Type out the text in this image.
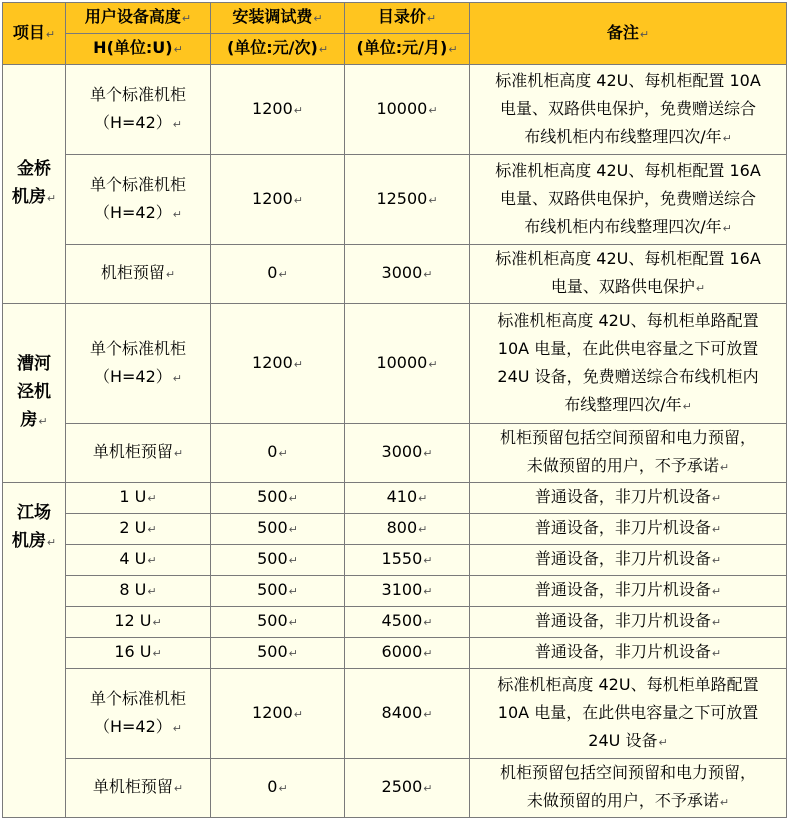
项目↵	用户设备高度↵	安装调试费↵	目录价↵	备注↵
	H(单位:U)↵	(单位:元/次)↵	(单位:元/月)↵	

金桥
机房↵	单个标准机柜
（H=42）↵	1200↵	10000↵	标准机柜高度 42U、每机柜配置 10A
电量、双路供电保护，免费赠送综合
布线机柜内布线整理四次/年↵

	单个标准机柜
（H=42）↵	1200↵	12500↵	标准机柜高度 42U、每机柜配置 16A
电量、双路供电保护，免费赠送综合
布线机柜内布线整理四次/年↵

	机柜预留↵	0↵	3000↵	标准机柜高度 42U、每机柜配置 16A
电量、双路供电保护↵

漕河
泾机
房↵	单个标准机柜
（H=42）↵	1200↵	10000↵	标准机柜高度 42U、每机柜单路配置
10A 电量，在此供电容量之下可放置
24U 设备，免费赠送综合布线机柜内
布线整理四次/年↵

	单机柜预留↵	0↵	3000↵	机柜预留包括空间预留和电力预留，
未做预留的用户，不予承诺↵

江场
机房↵	1 U↵	500↵	410↵	普通设备，非刀片机设备↵
	2 U↵	500↵	800↵	普通设备，非刀片机设备↵
	4 U↵	500↵	1550↵	普通设备，非刀片机设备↵
	8 U↵	500↵	3100↵	普通设备，非刀片机设备↵
	12 U↵	500↵	4500↵	普通设备，非刀片机设备↵
	16 U↵	500↵	6000↵	普通设备，非刀片机设备↵

	单个标准机柜
（H=42）↵	1200↵	8400↵	标准机柜高度 42U、每机柜单路配置
10A 电量，在此供电容量之下可放置
24U 设备↵

	单机柜预留↵	0↵	2500↵	机柜预留包括空间预留和电力预留，
未做预留的用户，不予承诺↵
